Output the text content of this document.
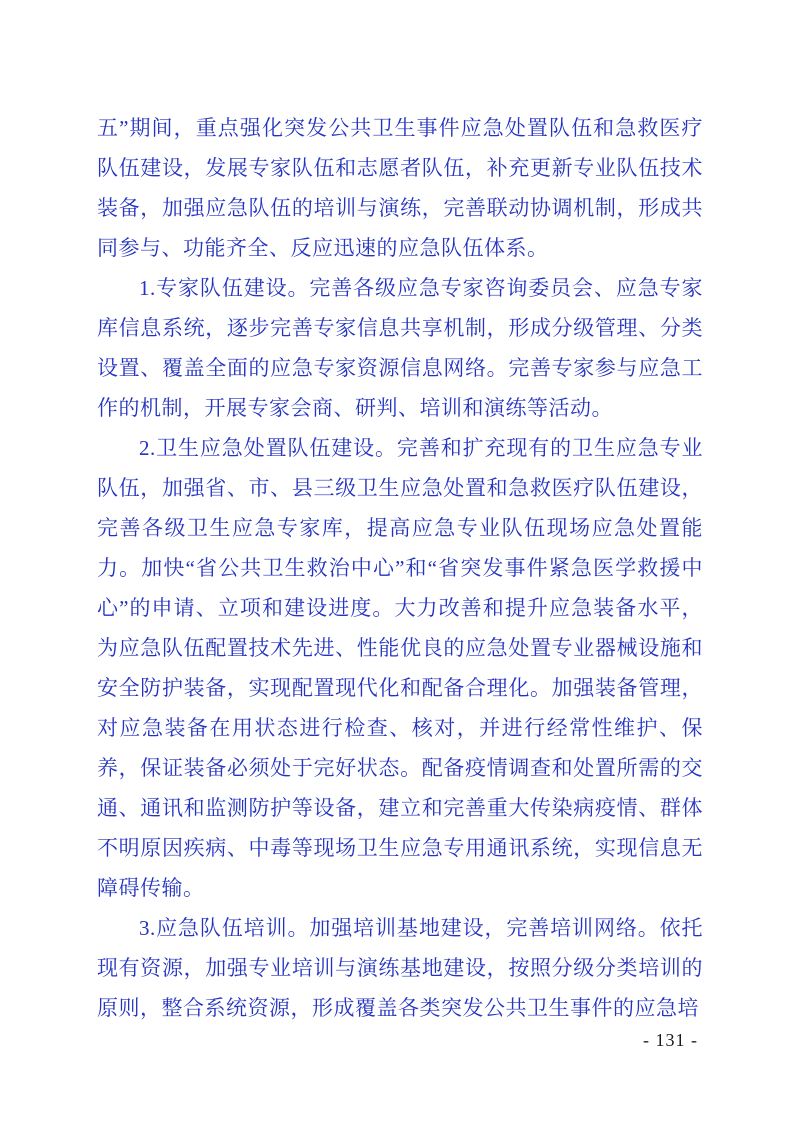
五”期间，重点强化突发公共卫生事件应急处置队伍和急救医疗队伍建设，发展专家队伍和志愿者队伍，补充更新专业队伍技术装备，加强应急队伍的培训与演练，完善联动协调机制，形成共同参与、功能齐全、反应迅速的应急队伍体系。

1.专家队伍建设。完善各级应急专家咨询委员会、应急专家库信息系统，逐步完善专家信息共享机制，形成分级管理、分类设置、覆盖全面的应急专家资源信息网络。完善专家参与应急工作的机制，开展专家会商、研判、培训和演练等活动。

2.卫生应急处置队伍建设。完善和扩充现有的卫生应急专业队伍，加强省、市、县三级卫生应急处置和急救医疗队伍建设，完善各级卫生应急专家库，提高应急专业队伍现场应急处置能力。加快“省公共卫生救治中心”和“省突发事件紧急医学救援中心”的申请、立项和建设进度。大力改善和提升应急装备水平，为应急队伍配置技术先进、性能优良的应急处置专业器械设施和安全防护装备，实现配置现代化和配备合理化。加强装备管理，对应急装备在用状态进行检查、核对，并进行经常性维护、保养，保证装备必须处于完好状态。配备疫情调查和处置所需的交通、通讯和监测防护等设备，建立和完善重大传染病疫情、群体不明原因疾病、中毒等现场卫生应急专用通讯系统，实现信息无障碍传输。

3.应急队伍培训。加强培训基地建设，完善培训网络。依托现有资源，加强专业培训与演练基地建设，按照分级分类培训的原则，整合系统资源，形成覆盖各类突发公共卫生事件的应急培

- 131 -
